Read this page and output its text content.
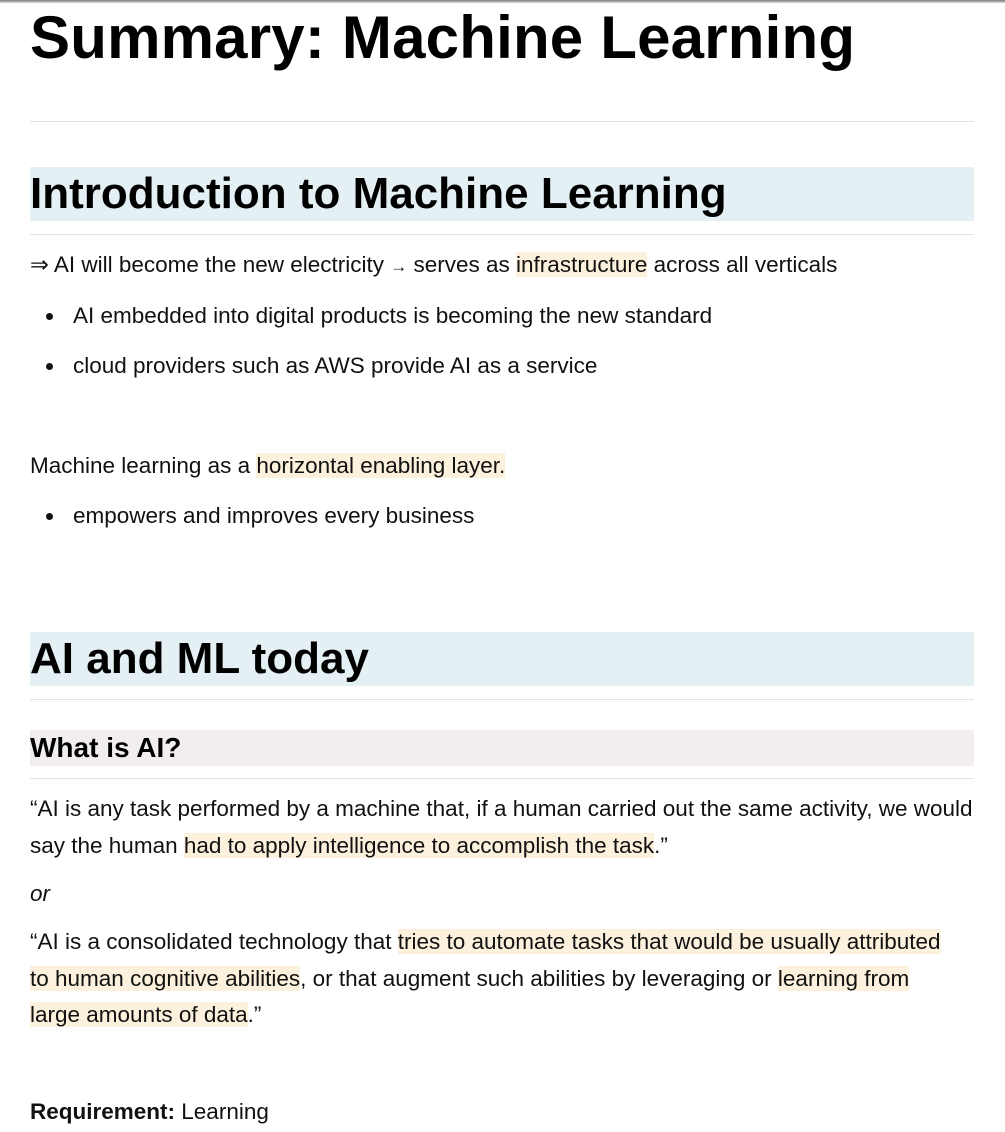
Summary: Machine Learning
Introduction to Machine Learning

⇒ AI will become the new electricity → serves as infrastructure across all verticals

AI embedded into digital products is becoming the new standard
cloud providers such as AWS provide AI as a service

Machine learning as a horizontal enabling layer.

empowers and improves every business
AI and ML today
What is AI?

“AI is any task performed by a machine that, if a human carried out the same activity, we would say the human had to apply intelligence to accomplish the task.”

or

“AI is a consolidated technology that tries to automate tasks that would be usually attributed to human cognitive abilities, or that augment such abilities by leveraging or learning from large amounts of data.”

Requirement: Learning
